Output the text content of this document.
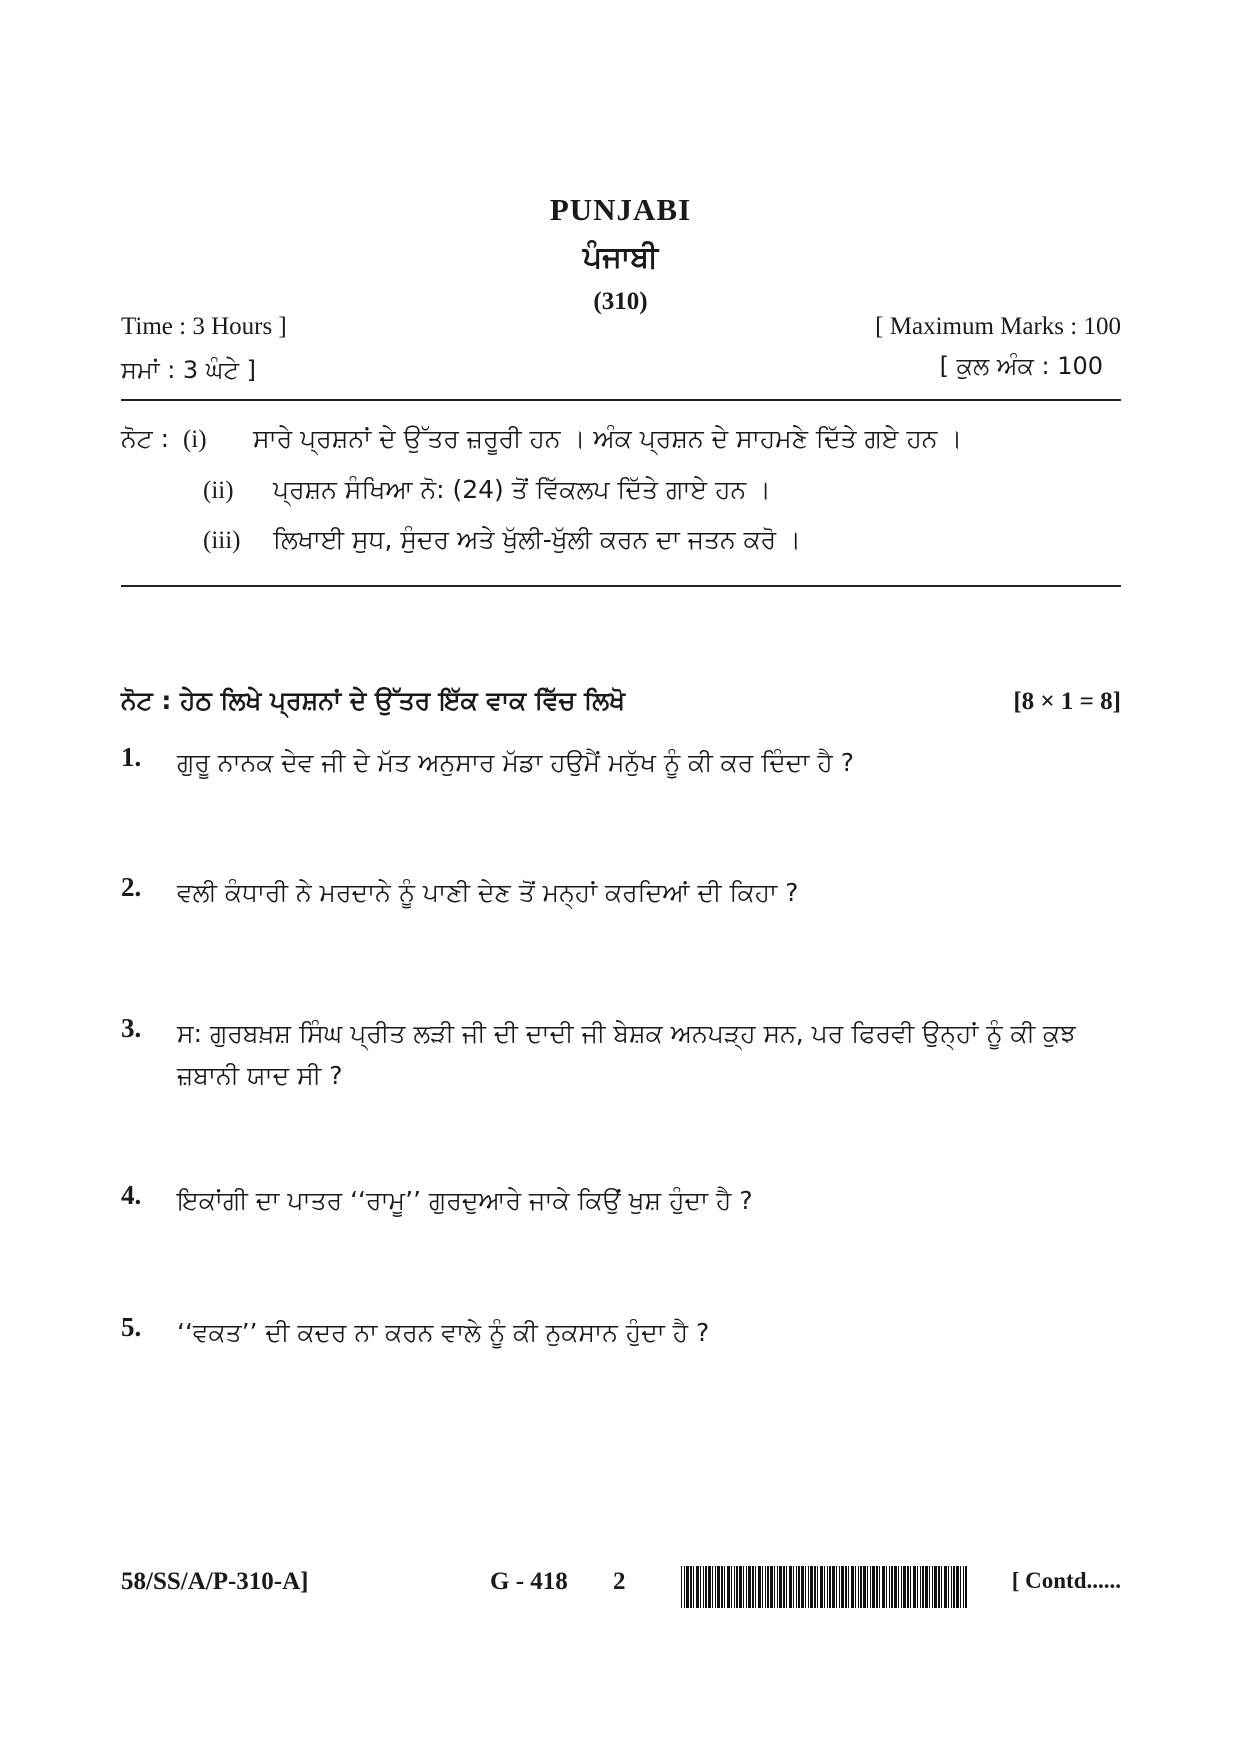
PUNJABI
ਪੰਜਾਬੀ
(310)
Time : 3 Hours ]
ਸਮਾਂ : 3 ਘੰਟੇ ]
[ Maximum Marks : 100
[ ਕੁਲ ਅੰਕ : 100
ਨੋਟ : (i) ਸਾਰੇ ਪ੍ਰਸ਼ਨਾਂ ਦੇ ਉੱਤਰ ਜ਼ਰੂਰੀ ਹਨ । ਅੰਕ ਪ੍ਰਸ਼ਨ ਦੇ ਸਾਹਮਣੇ ਦਿੱਤੇ ਗਏ ਹਨ ।
(ii) ਪ੍ਰਸ਼ਨ ਸੰਖਿਆ ਨੋ: (24) ਤੋਂ ਵਿੱਕਲਪ ਦਿੱਤੇ ਗਾਏ ਹਨ ।
(iii) ਲਿਖਾਈ ਸੁਧ, ਸੁੰਦਰ ਅਤੇ ਖੁੱਲੀ-ਖੁੱਲੀ ਕਰਨ ਦਾ ਜਤਨ ਕਰੋ ।
ਨੋਟ : ਹੇਠ ਲਿਖੇ ਪ੍ਰਸ਼ਨਾਂ ਦੇ ਉੱਤਰ ਇੱਕ ਵਾਕ ਵਿੱਚ ਲਿਖੋ	[8 × 1 = 8]
1.	ਗੁਰੂ ਨਾਨਕ ਦੇਵ ਜੀ ਦੇ ਮੱਤ ਅਨੁਸਾਰ ਮੱਡਾ ਹਉਮੈਂ ਮਨੁੱਖ ਨੂੰ ਕੀ ਕਰ ਦਿੰਦਾ ਹੈ ?
2.	ਵਲੀ ਕੰਧਾਰੀ ਨੇ ਮਰਦਾਨੇ ਨੂੰ ਪਾਣੀ ਦੇਣ ਤੋਂ ਮਨ੍ਹਾਂ ਕਰਦਿਆਂ ਦੀ ਕਿਹਾ ?
3.	ਸ: ਗੁਰਬਖ਼ਸ਼ ਸਿੰਘ ਪ੍ਰੀਤ ਲੜੀ ਜੀ ਦੀ ਦਾਦੀ ਜੀ ਬੇਸ਼ਕ ਅਨਪੜ੍ਹ ਸਨ, ਪਰ ਫਿਰਵੀ ਉਨ੍ਹਾਂ ਨੂੰ ਕੀ ਕੁਝ ਜ਼ਬਾਨੀ ਯਾਦ ਸੀ ?
4.	ਇਕਾਂਗੀ ਦਾ ਪਾਤਰ ‘‘ਰਾਮੂ’’ ਗੁਰਦੁਆਰੇ ਜਾਕੇ ਕਿਉਂ ਖੁਸ਼ ਹੁੰਦਾ ਹੈ ?
5.	‘‘ਵਕਤ’’ ਦੀ ਕਦਰ ਨਾ ਕਰਨ ਵਾਲੇ ਨੂੰ ਕੀ ਨੁਕਸਾਨ ਹੁੰਦਾ ਹੈ ?
58/SS/A/P-310-A]	G - 418 2	[ Contd......
